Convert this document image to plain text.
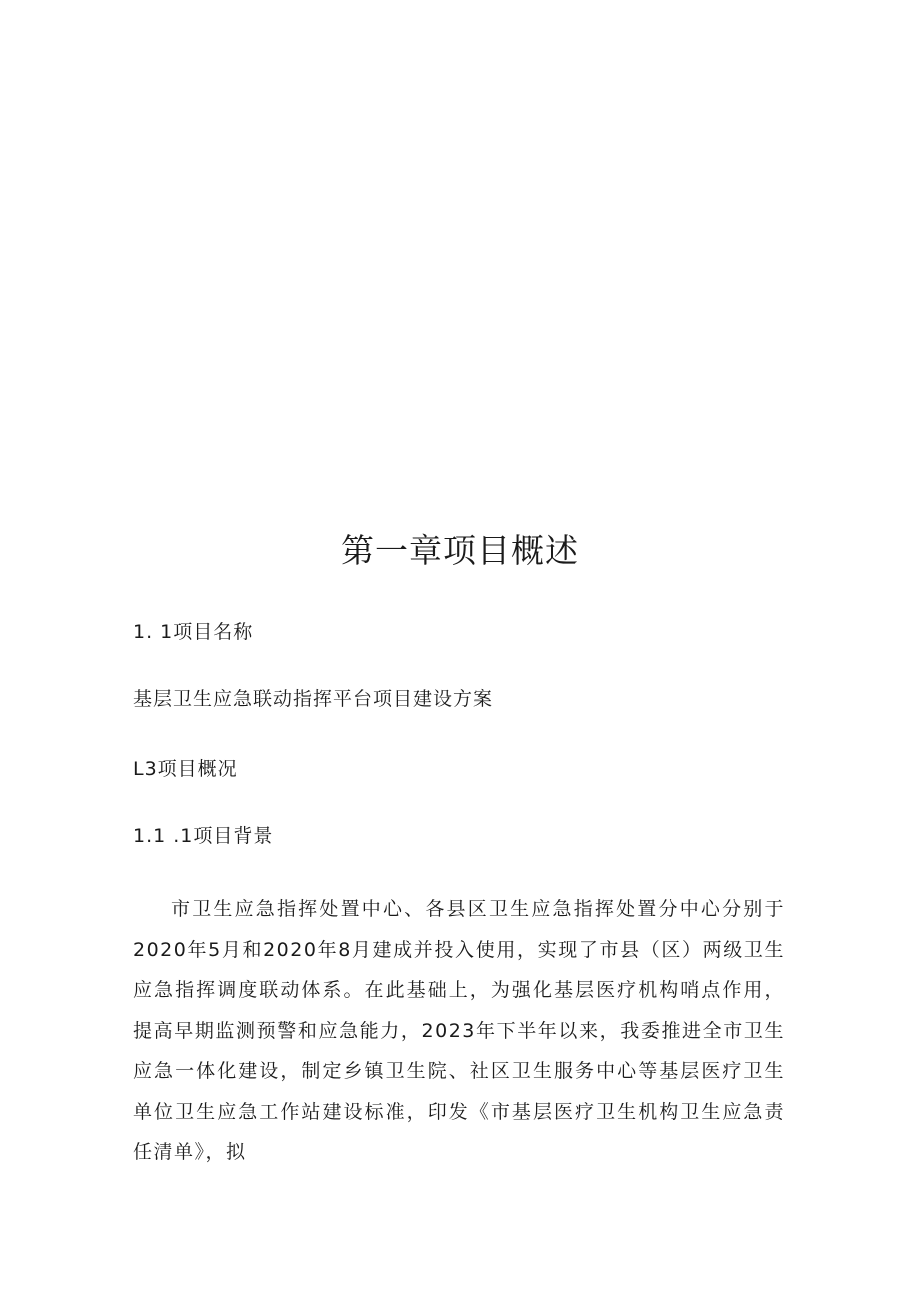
第一章项目概述

1. 1项目名称

基层卫生应急联动指挥平台项目建设方案

L3项目概况

1.1 .1项目背景

市卫生应急指挥处置中心、各县区卫生应急指挥处置分中心分别于2020年5月和2020年8月建成并投入使用，实现了市县（区）两级卫生应急指挥调度联动体系。在此基础上，为强化基层医疗机构哨点作用，提高早期监测预警和应急能力，2023年下半年以来，我委推进全市卫生应急一体化建设，制定乡镇卫生院、社区卫生服务中心等基层医疗卫生单位卫生应急工作站建设标准，印发《市基层医疗卫生机构卫生应急责任清单》，拟
